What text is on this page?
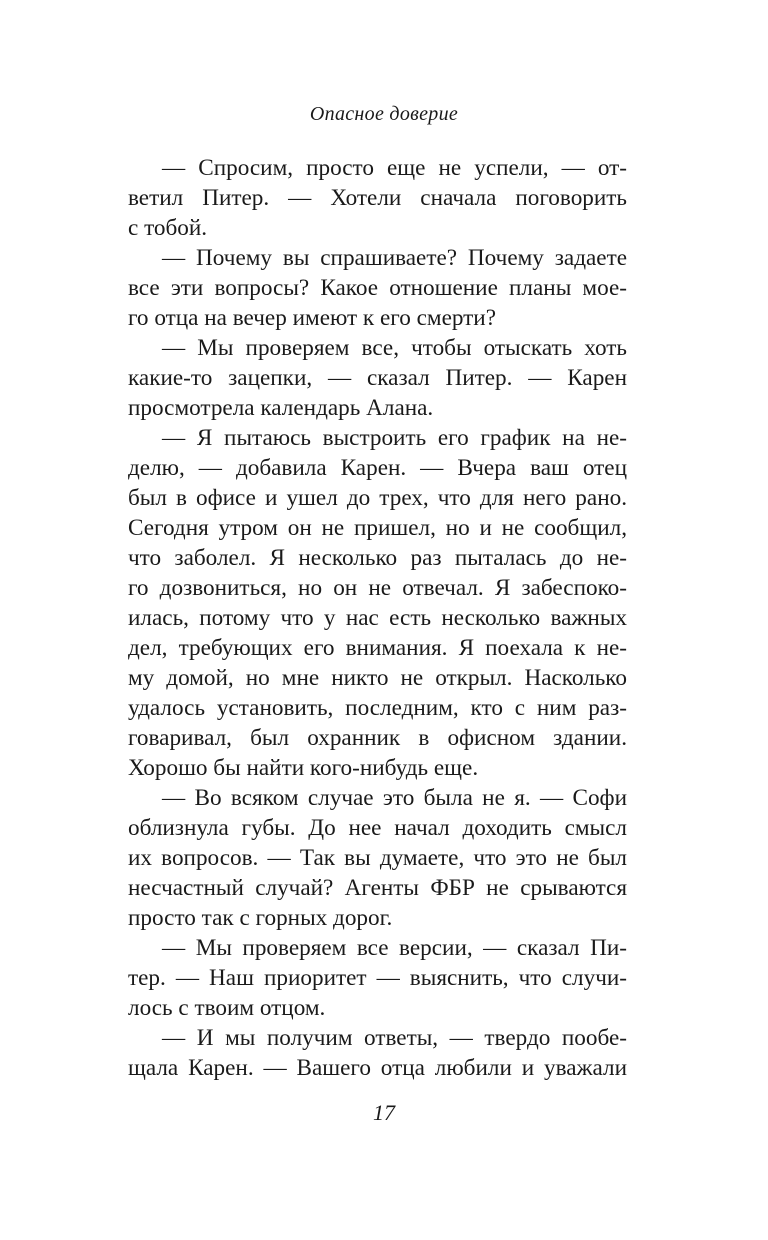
Опасное доверие
— Спросим, просто еще не успели, — от-
ветил Питер. — Хотели сначала поговорить
с тобой.
— Почему вы спрашиваете? Почему задаете
все эти вопросы? Какое отношение планы мое-
го отца на вечер имеют к его смерти?
— Мы проверяем все, чтобы отыскать хоть
какие-то зацепки, — сказал Питер. — Карен
просмотрела календарь Алана.
— Я пытаюсь выстроить его график на не-
делю, — добавила Карен. — Вчера ваш отец
был в офисе и ушел до трех, что для него рано.
Сегодня утром он не пришел, но и не сообщил,
что заболел. Я несколько раз пыталась до не-
го дозвониться, но он не отвечал. Я забеспоко-
илась, потому что у нас есть несколько важных
дел, требующих его внимания. Я поехала к не-
му домой, но мне никто не открыл. Насколько
удалось установить, последним, кто с ним раз-
говаривал, был охранник в офисном здании.
Хорошо бы найти кого-нибудь еще.
— Во всяком случае это была не я. — Софи
облизнула губы. До нее начал доходить смысл
их вопросов. — Так вы думаете, что это не был
несчастный случай? Агенты ФБР не срываются
просто так с горных дорог.
— Мы проверяем все версии, — сказал Пи-
тер. — Наш приоритет — выяснить, что случи-
лось с твоим отцом.
— И мы получим ответы, — твердо пообе-
щала Карен. — Вашего отца любили и уважали
17
